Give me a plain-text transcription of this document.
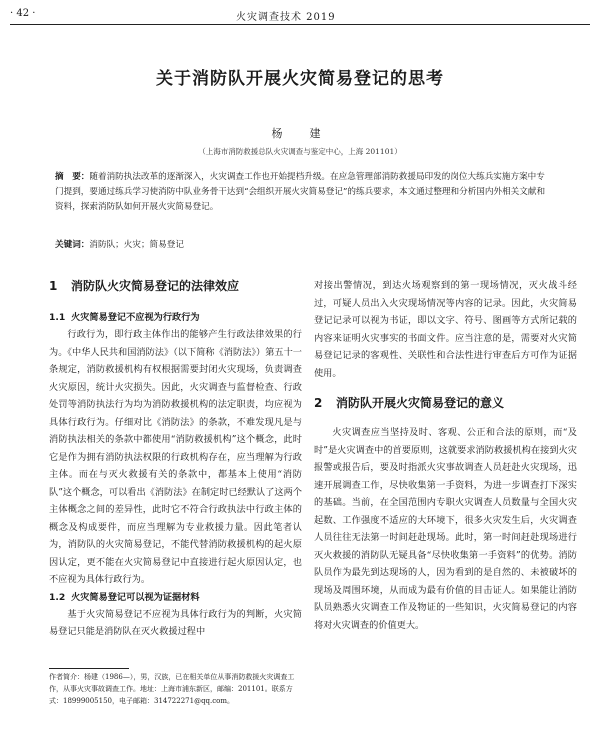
· 42 ·	火灾调查技术 2019
关于消防队开展火灾简易登记的思考
杨　建
（上海市消防救援总队火灾调查与鉴定中心，上海 201101）
摘　要：随着消防执法改革的逐渐深入，火灾调查工作也开始提档升级。在应急管理部消防救援局印发的岗位大练兵实施方案中专门提到，要通过练兵学习使消防中队业务骨干达到“会组织开展火灾简易登记”的练兵要求，本文通过整理和分析国内外相关文献和资料，探索消防队如何开展火灾简易登记。
关键词：消防队；火灾；简易登记
1 消防队火灾简易登记的法律效应
1.1 火灾简易登记不应视为行政行为

行政行为，即行政主体作出的能够产生行政法律效果的行为。《中华人民共和国消防法》（以下简称《消防法》）第五十一条规定，消防救援机构有权根据需要封闭火灾现场，负责调查火灾原因，统计火灾损失。因此，火灾调查与监督检查、行政处罚等消防执法行为均为消防救援机构的法定职责，均应视为具体行政行为。仔细对比《消防法》的条款，不难发现凡是与消防执法相关的条款中都使用“消防救援机构”这个概念，此时它是作为拥有消防执法权限的行政机构存在，应当理解为行政主体。而在与灭火救援有关的条款中，都基本上使用“消防队”这个概念，可以看出《消防法》在制定时已经默认了这两个主体概念之间的差异性，此时它不符合行政执法中行政主体的概念及构成要件，而应当理解为专业救援力量。因此笔者认为，消防队的火灾简易登记，不能代替消防救援机构的起火原因认定，更不能在火灾简易登记中直接进行起火原因认定，也不应视为具体行政行为。

1.2 火灾简易登记可以视为证据材料

基于火灾简易登记不应视为具体行政行为的判断，火灾简易登记只能是消防队在灭火救援过程中

对接出警情况，到达火场观察到的第一现场情况，灭火战斗经过，可疑人员出入火灾现场情况等内容的记录。因此，火灾简易登记记录可以视为书证，即以文字、符号、图画等方式所记载的内容来证明火灾事实的书面文件。应当注意的是，需要对火灾简易登记记录的客观性、关联性和合法性进行审查后方可作为证据使用。

2 消防队开展火灾简易登记的意义

火灾调查应当坚持及时、客观、公正和合法的原则，而“及时”是火灾调查中的首要原则，这就要求消防救援机构在接到火灾报警或报告后，要及时指派火灾事故调查人员赶赴火灾现场，迅速开展调查工作，尽快收集第一手资料，为进一步调查打下深实的基础。当前，在全国范围内专职火灾调查人员数量与全国火灾起数、工作强度不适应的大环境下，很多火灾发生后，火灾调查人员往往无法第一时间赶赴现场。此时，第一时间赶赴现场进行灭火救援的消防队无疑具备“尽快收集第一手资料”的优势。消防队员作为最先到达现场的人，因为看到的是自然的、未被破坏的现场及周围环境，从而成为最有价值的目击证人。如果能让消防队员熟悉火灾调查工作及物证的一些知识，火灾简易登记的内容将对火灾调查的价值更大。

作者简介：杨建（1986—），男，汉族，已在相关单位从事消防救援火灾调查工作，从事火灾事故调查工作。地址：上海市浦东新区，邮编：201101。联系方式：18999005150，电子邮箱：314722271@qq.com。
